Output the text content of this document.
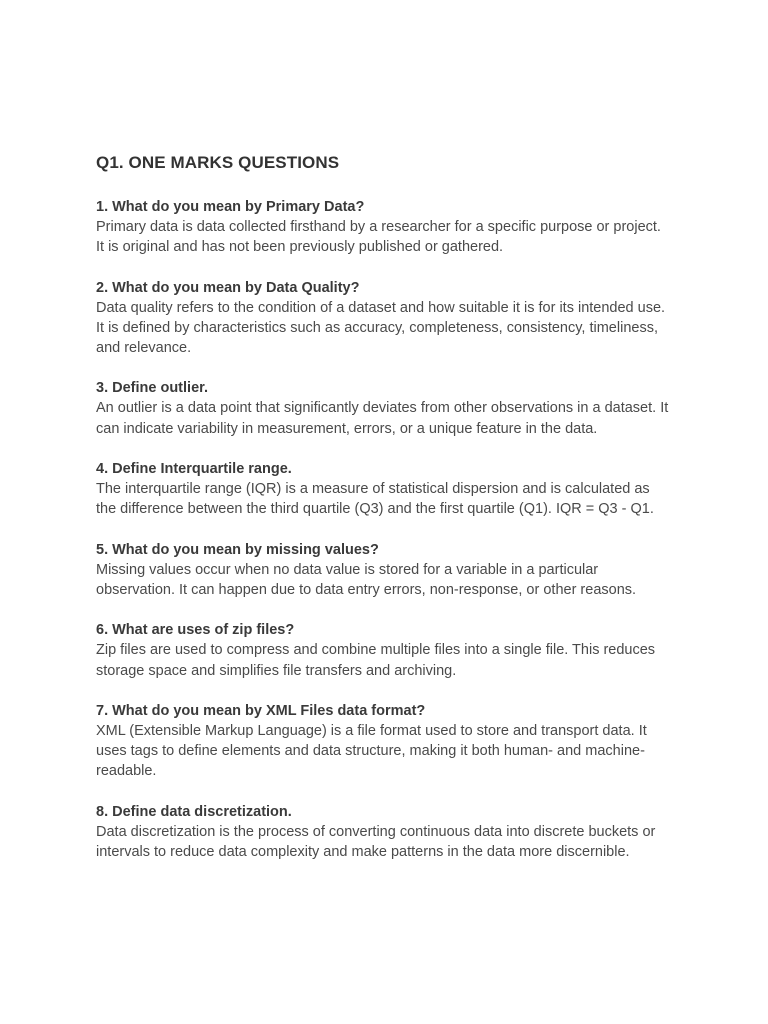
Q1. ONE MARKS QUESTIONS

1. What do you mean by Primary Data?

Primary data is data collected firsthand by a researcher for a specific purpose or project. It is original and has not been previously published or gathered.

2. What do you mean by Data Quality?

Data quality refers to the condition of a dataset and how suitable it is for its intended use. It is defined by characteristics such as accuracy, completeness, consistency, timeliness, and relevance.

3. Define outlier.

An outlier is a data point that significantly deviates from other observations in a dataset. It can indicate variability in measurement, errors, or a unique feature in the data.

4. Define Interquartile range.

The interquartile range (IQR) is a measure of statistical dispersion and is calculated as the difference between the third quartile (Q3) and the first quartile (Q1). IQR = Q3 - Q1.

5. What do you mean by missing values?

Missing values occur when no data value is stored for a variable in a particular observation. It can happen due to data entry errors, non-response, or other reasons.

6. What are uses of zip files?

Zip files are used to compress and combine multiple files into a single file. This reduces storage space and simplifies file transfers and archiving.

7. What do you mean by XML Files data format?

XML (Extensible Markup Language) is a file format used to store and transport data. It uses tags to define elements and data structure, making it both human- and machine-readable.

8. Define data discretization.

Data discretization is the process of converting continuous data into discrete buckets or intervals to reduce data complexity and make patterns in the data more discernible.
